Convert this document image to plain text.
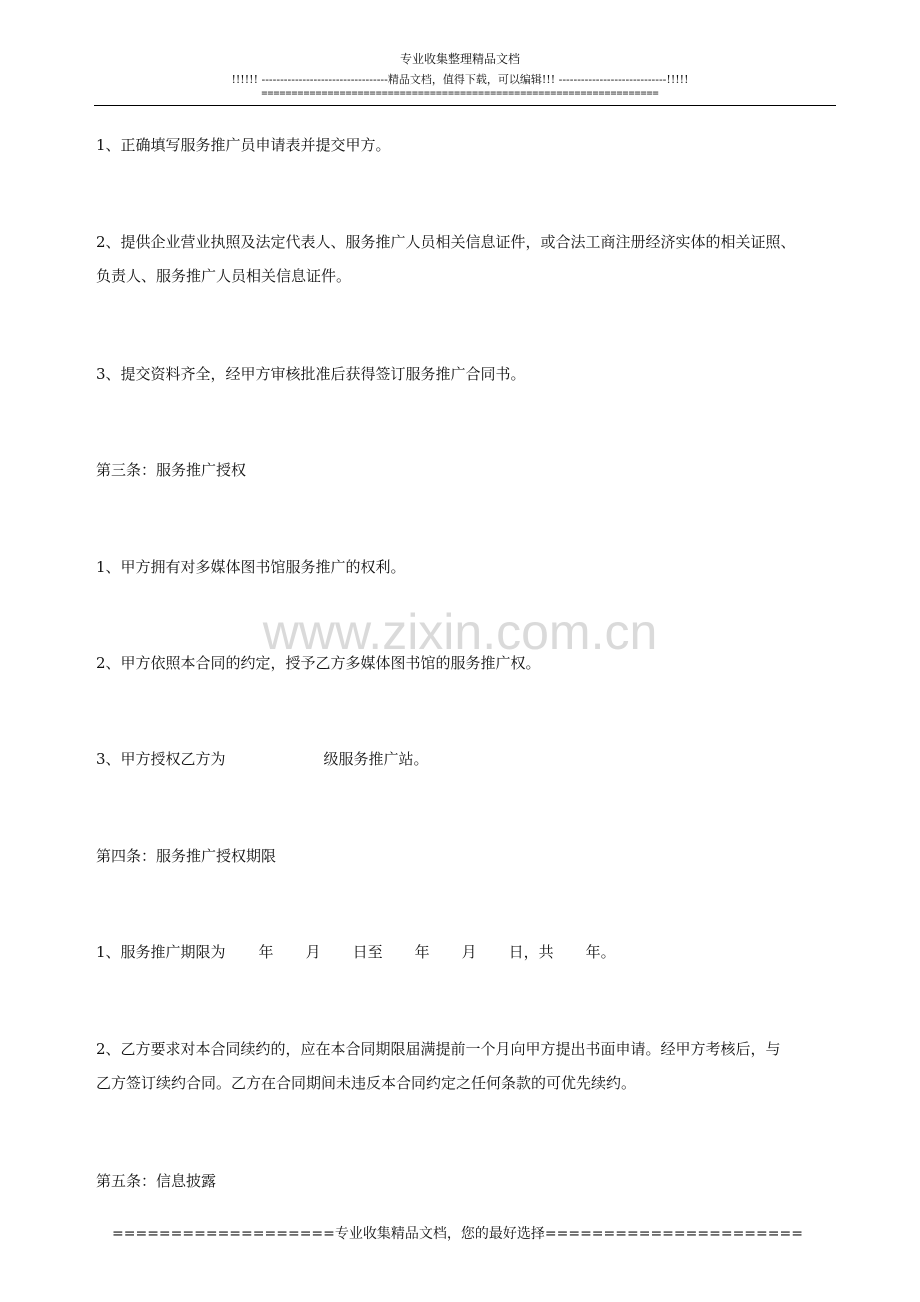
专业收集整理精品文档
!!!!!! ----------------------------------精品文档，值得下载，可以编辑!!! -----------------------------!!!!!
==================================================================
www.zixin.com.cn
1、正确填写服务推广员申请表并提交甲方。
2、提供企业营业执照及法定代表人、服务推广人员相关信息证件，或合法工商注册经济实体的相关证照、
负责人、服务推广人员相关信息证件。
3、提交资料齐全，经甲方审核批准后获得签订服务推广合同书。
第三条：服务推广授权
1、甲方拥有对多媒体图书馆服务推广的权利。
2、甲方依照本合同的约定，授予乙方多媒体图书馆的服务推广权。
3、甲方授权乙方为	级服务推广站。
第四条：服务推广授权期限
1、服务推广期限为 年 月 日至 年 月 日，共 年。
2、乙方要求对本合同续约的，应在本合同期限届满提前一个月向甲方提出书面申请。经甲方考核后，与
乙方签订续约合同。乙方在合同期间未违反本合同约定之任何条款的可优先续约。
第五条：信息披露
===================专业收集精品文档，您的最好选择======================
